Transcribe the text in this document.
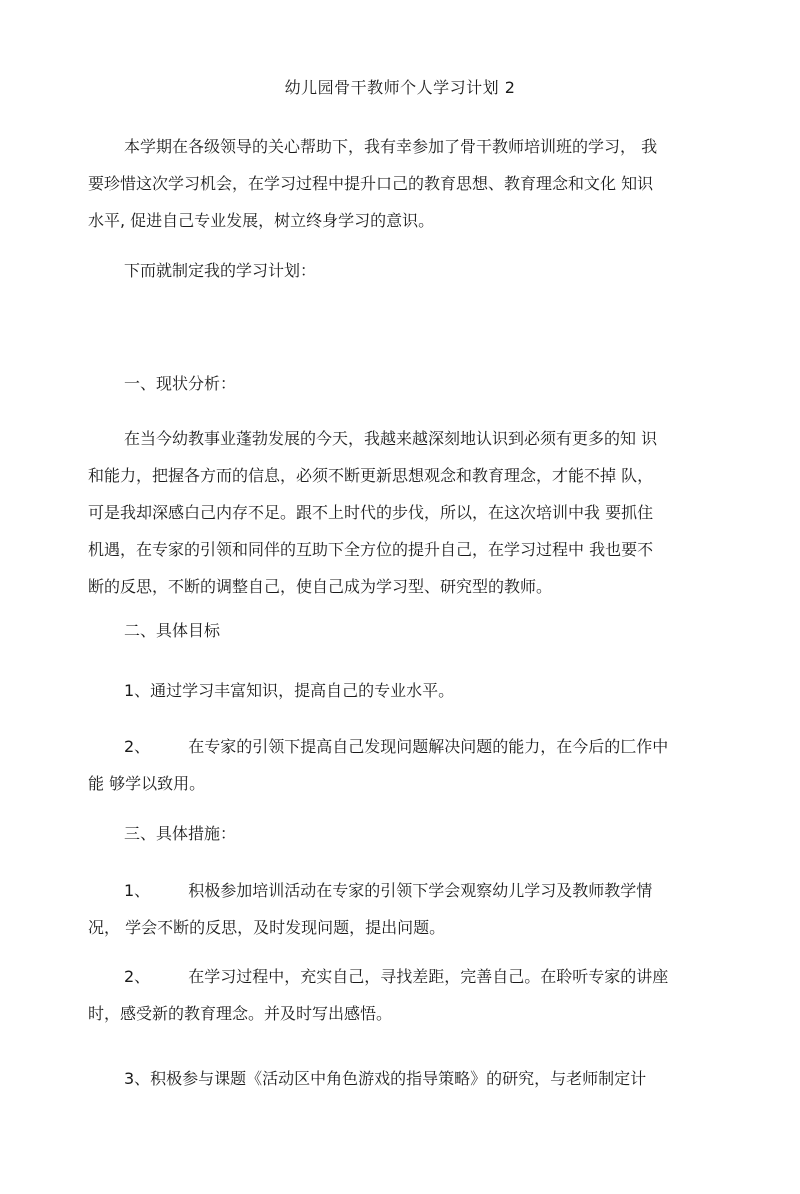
幼儿园骨干教师个人学习计划 2
本学期在各级领导的关心帮助下，我有幸参加了骨干教师培训班的学习， 我
要珍惜这次学习机会，在学习过程中提升口己的教育思想、教育理念和文化 知识
水平, 促进自己专业发展，树立终身学习的意识。
下而就制定我的学习计划：
一、现状分析：
在当今幼教事业蓬勃发展的今天，我越来越深刻地认识到必须有更多的知 识
和能力，把握各方而的信息，必须不断更新思想观念和教育理念，才能不掉 队，
可是我却深感白己内存不足。跟不上时代的步伐，所以，在这次培训中我 要抓住
机遇，在专家的引领和同伴的互助下全方位的提升自己，在学习过程中 我也要不
断的反思，不断的调整自己，使自己成为学习型、研究型的教师。
二、具体目标
1、通过学习丰富知识，提高自己的专业水平。
2、 在专家的引领下提高自己发现问题解决问题的能力，在今后的匚作中
能 够学以致用。
三、具体措施：
1、 积极参加培训活动在专家的引领下学会观察幼儿学习及教师教学情
况， 学会不断的反思，及时发现问题，提出问题。
2、 在学习过程中，充实自己，寻找差距，完善自己。在聆听专家的讲座
时，感受新的教育理念。并及时写出感悟。
3、积极参与课题《活动区中角色游戏的指导策略》的研究，与老师制定计
